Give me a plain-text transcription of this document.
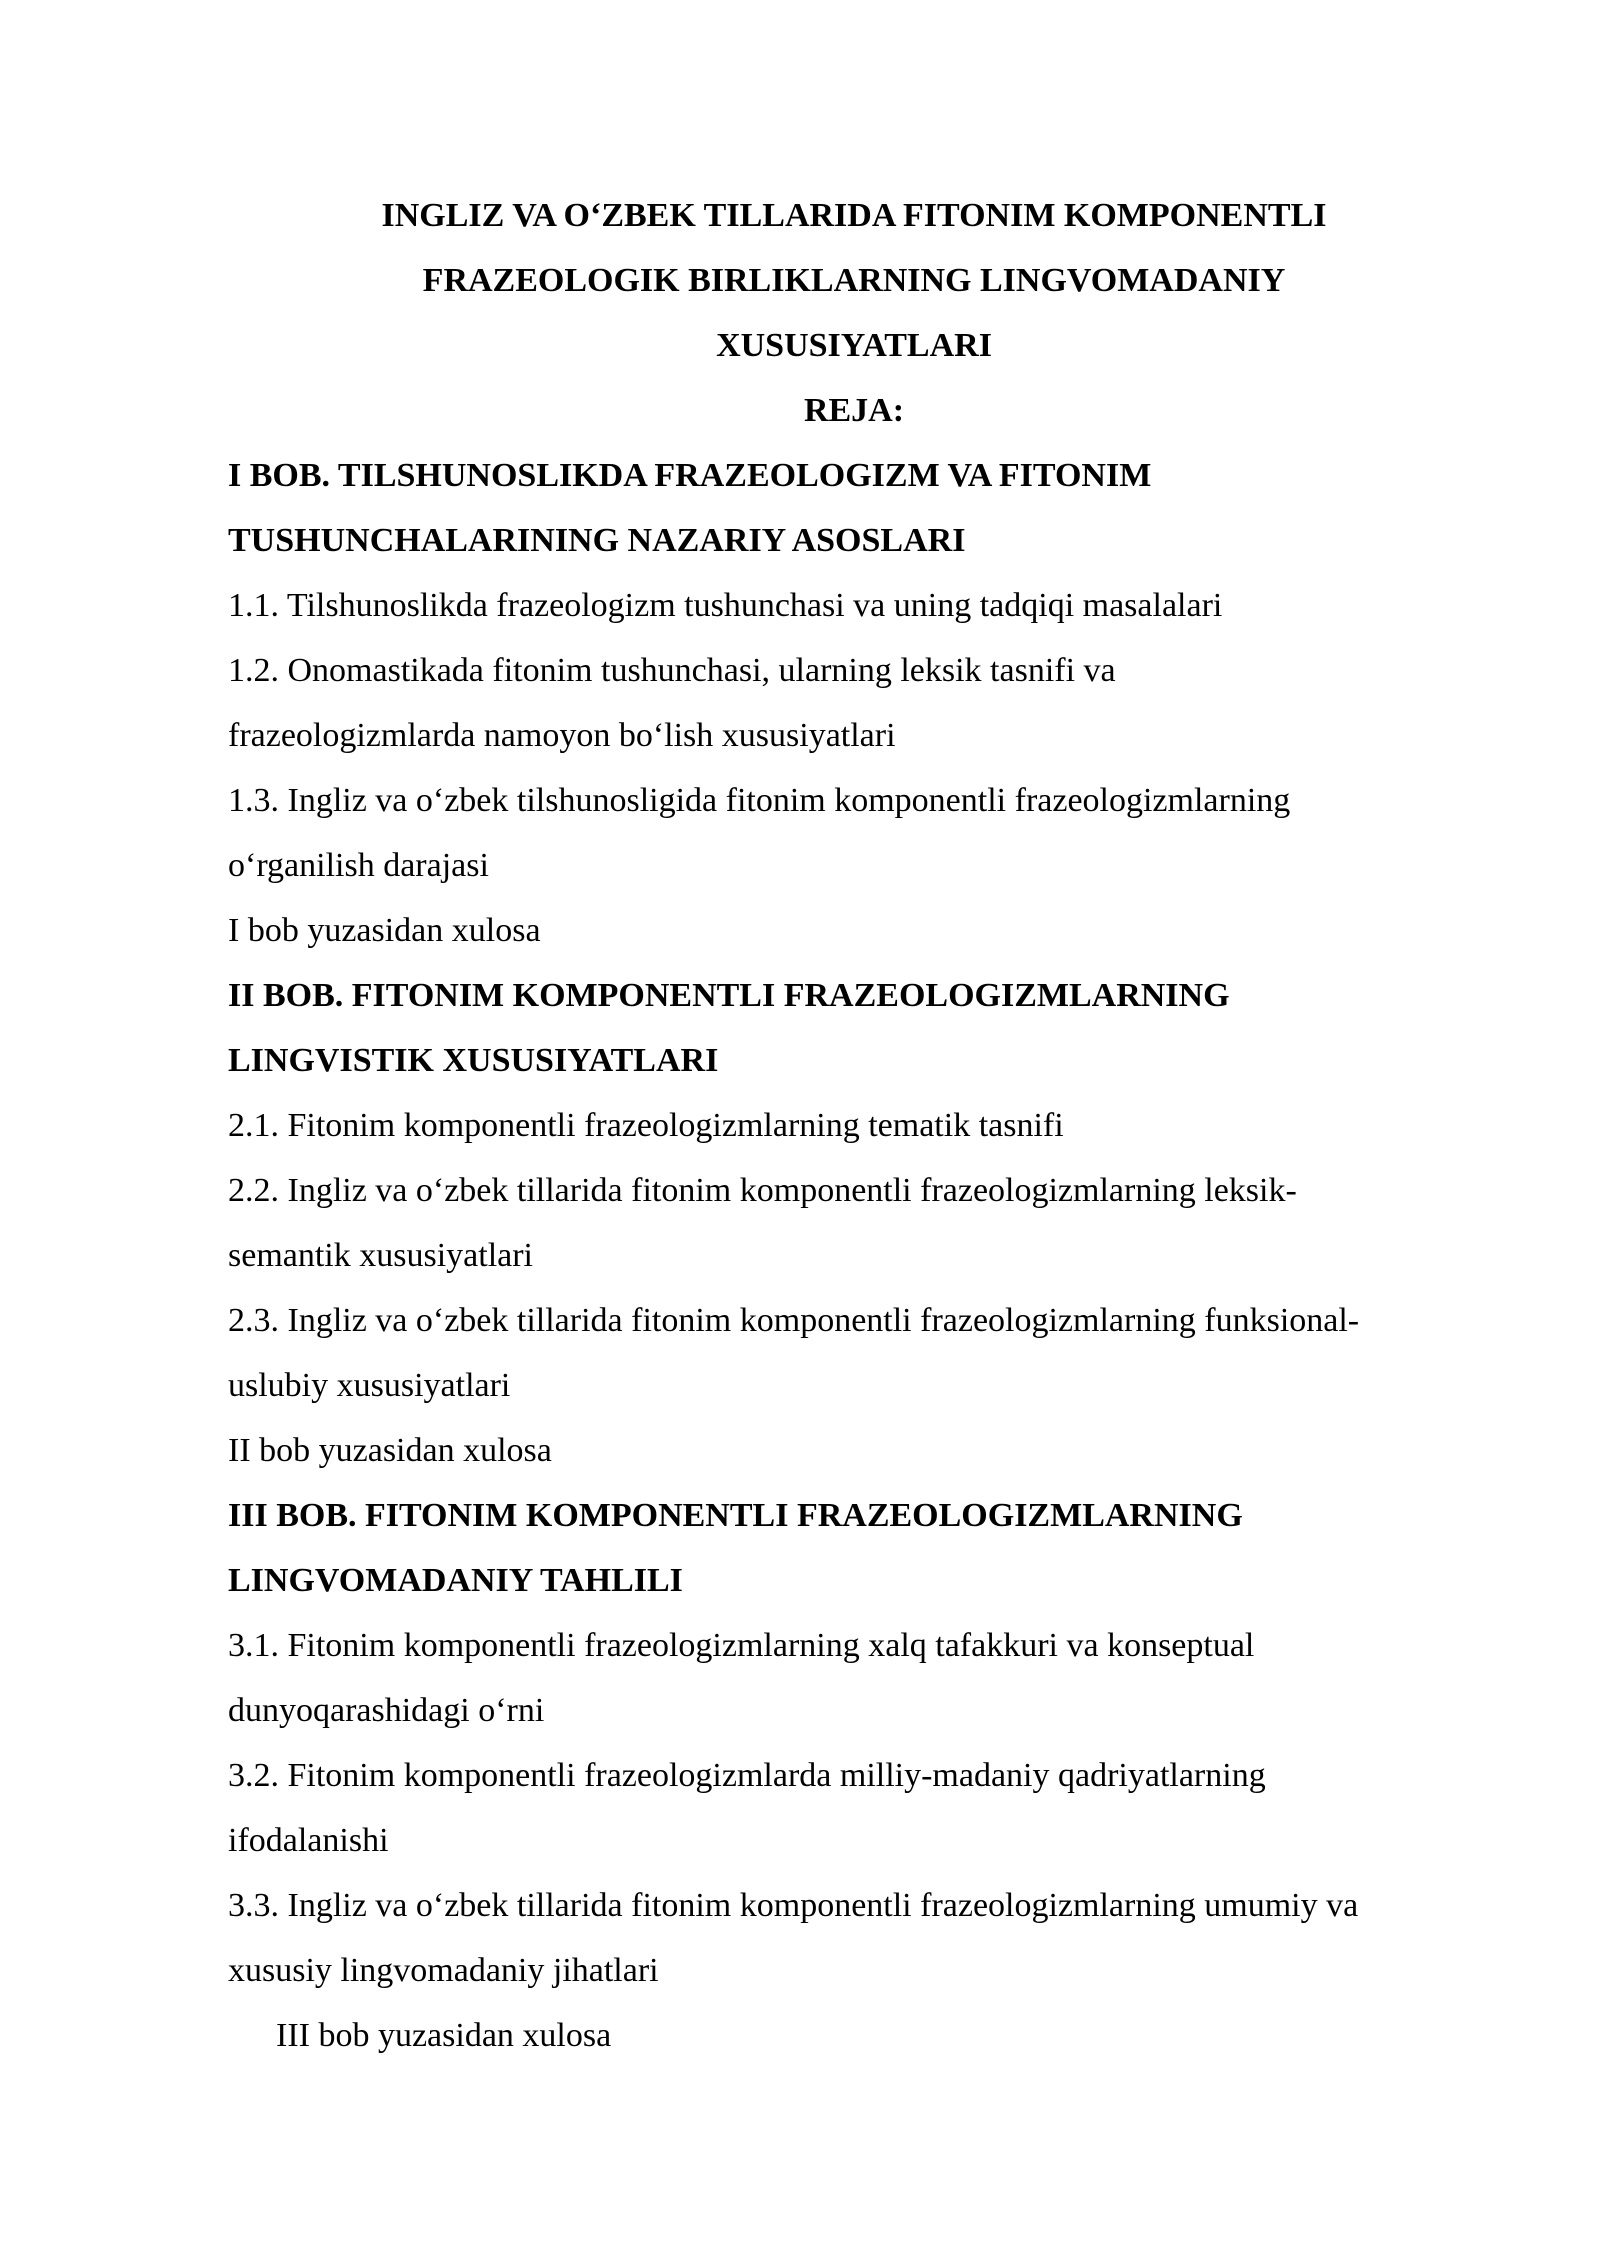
INGLIZ VA O‘ZBEK TILLARIDA FITONIM KOMPONENTLI

FRAZEOLOGIK BIRLIKLARNING LINGVOMADANIY

XUSUSIYATLARI

REJA:

I BOB. TILSHUNOSLIKDA FRAZEOLOGIZM VA FITONIM

TUSHUNCHALARINING NAZARIY ASOSLARI

1.1. Tilshunoslikda frazeologizm tushunchasi va uning tadqiqi masalalari

1.2. Onomastikada fitonim tushunchasi, ularning leksik tasnifi va

frazeologizmlarda namoyon bo‘lish xususiyatlari

1.3. Ingliz va o‘zbek tilshunosligida fitonim komponentli frazeologizmlarning

o‘rganilish darajasi

I bob yuzasidan xulosa

II BOB. FITONIM KOMPONENTLI FRAZEOLOGIZMLARNING

LINGVISTIK XUSUSIYATLARI

2.1. Fitonim komponentli frazeologizmlarning tematik tasnifi

2.2. Ingliz va o‘zbek tillarida fitonim komponentli frazeologizmlarning leksik-

semantik xususiyatlari

2.3. Ingliz va o‘zbek tillarida fitonim komponentli frazeologizmlarning funksional-

uslubiy xususiyatlari

II bob yuzasidan xulosa

III BOB. FITONIM KOMPONENTLI FRAZEOLOGIZMLARNING

LINGVOMADANIY TAHLILI

3.1. Fitonim komponentli frazeologizmlarning xalq tafakkuri va konseptual

dunyoqarashidagi o‘rni

3.2. Fitonim komponentli frazeologizmlarda milliy-madaniy qadriyatlarning

ifodalanishi

3.3. Ingliz va o‘zbek tillarida fitonim komponentli frazeologizmlarning umumiy va

xususiy lingvomadaniy jihatlari

III bob yuzasidan xulosa
